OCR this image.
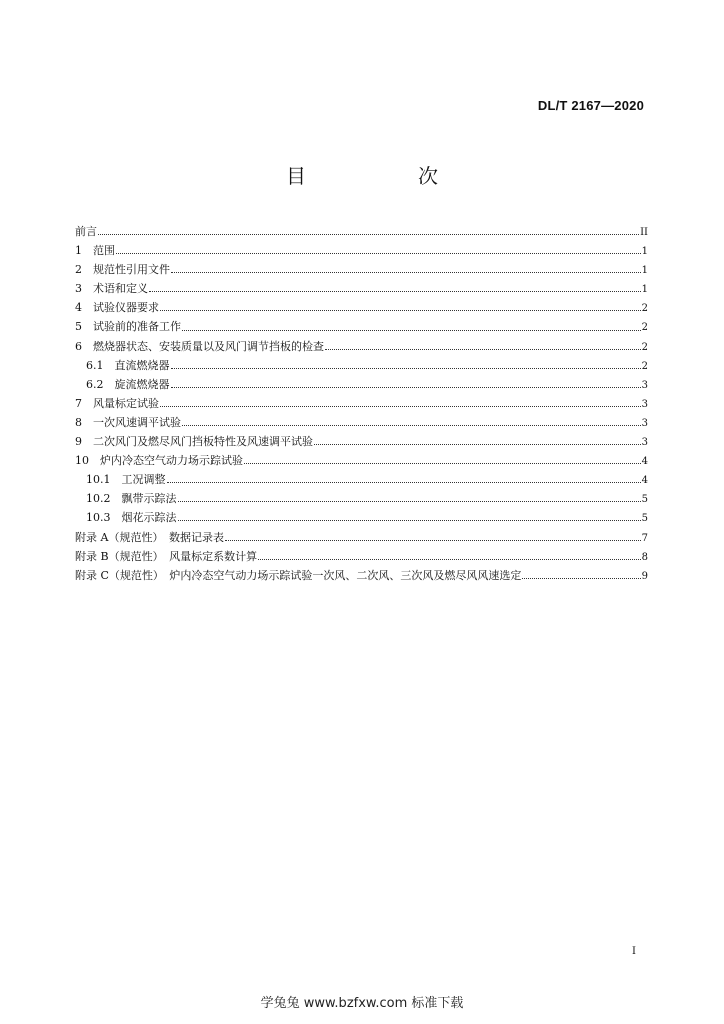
DL/T 2167—2020
目　次
前言	II
1　范围	1
2　规范性引用文件	1
3　术语和定义	1
4　试验仪器要求	2
5　试验前的准备工作	2
6　燃烧器状态、安装质量以及风门调节挡板的检查	2
6.1　直流燃烧器	2
6.2　旋流燃烧器	3
7　风量标定试验	3
8　一次风速调平试验	3
9　二次风门及燃尽风门挡板特性及风速调平试验	3
10　炉内冷态空气动力场示踪试验	4
10.1　工况调整	4
10.2　飘带示踪法	5
10.3　烟花示踪法	5
附录 A（规范性）　数据记录表	7
附录 B（规范性）　风量标定系数计算	8
附录 C（规范性）　炉内冷态空气动力场示踪试验一次风、二次风、三次风及燃尽风风速选定	9
I
学兔兔 www.bzfxw.com 标准下载
